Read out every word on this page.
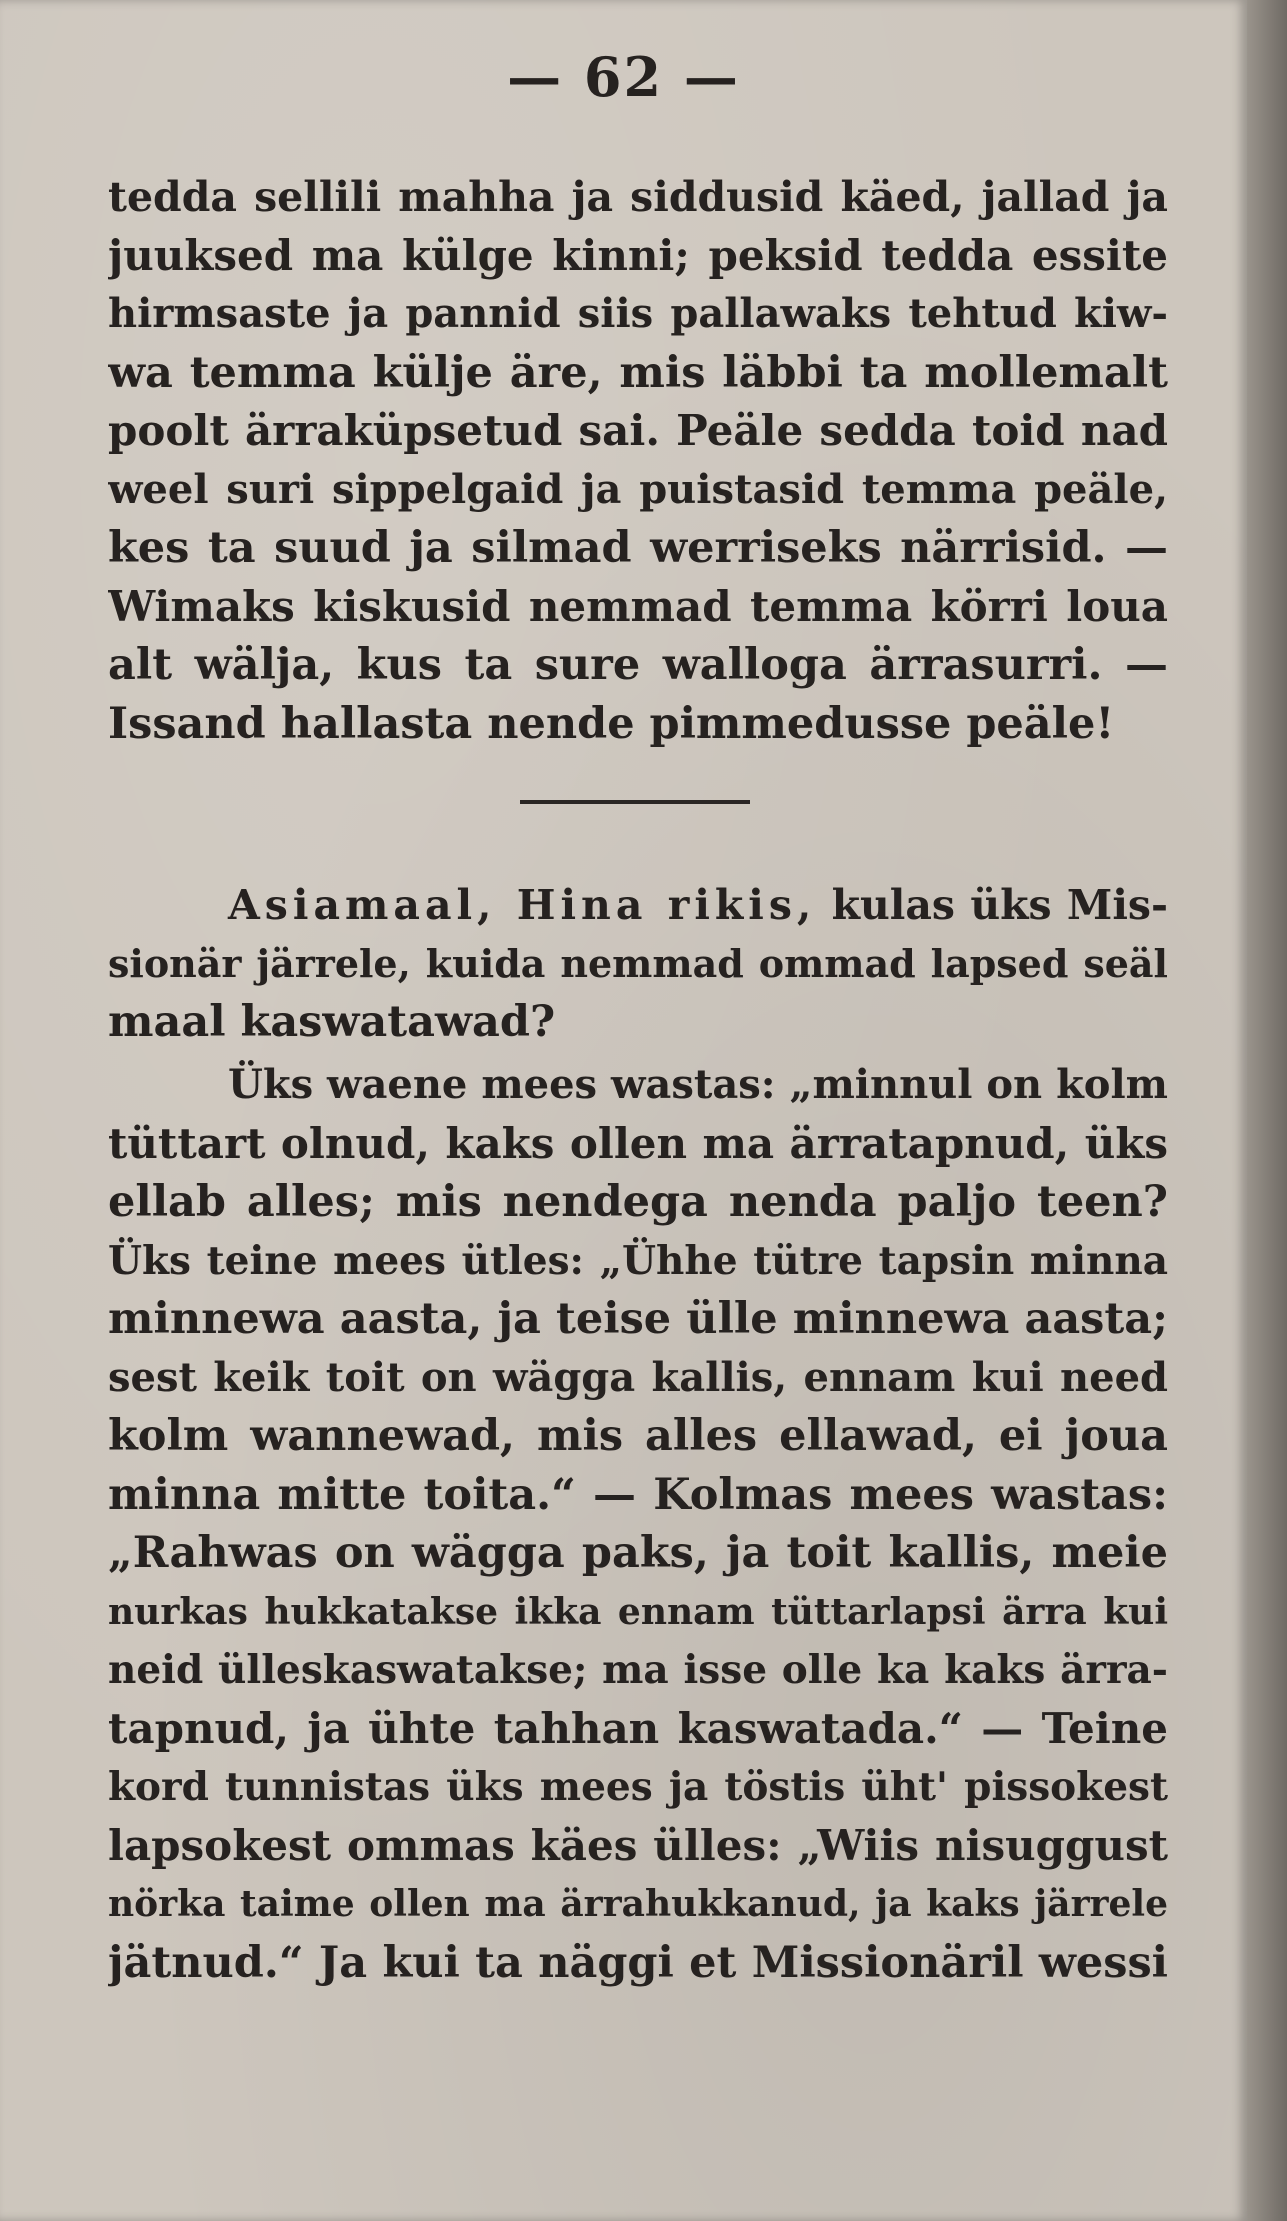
— 62 —
tedda sellili mahha ja siddusid käed, jallad ja
juuksed ma külge kinni; peksid tedda essite
hirmsaste ja pannid siis pallawaks tehtud kiw-
wa temma külje äre, mis läbbi ta mollemalt
poolt ärraküpsetud sai. Peäle sedda toid nad
weel suri sippelgaid ja puistasid temma peäle,
kes ta suud ja silmad werriseks närrisid. —
Wimaks kiskusid nemmad temma körri loua
alt wälja, kus ta sure walloga ärrasurri. —
Issand hallasta nende pimmedusse peäle!
Asiamaal, Hina rikis, kulas üks Mis-
sionär järrele, kuida nemmad ommad lapsed seäl
maal kaswatawad?
Üks waene mees wastas: „minnul on kolm
tüttart olnud, kaks ollen ma ärratapnud, üks
ellab alles; mis nendega nenda paljo teen?
Üks teine mees ütles: „Ühhe tütre tapsin minna
minnewa aasta, ja teise ülle minnewa aasta;
sest keik toit on wägga kallis, ennam kui need
kolm wannewad, mis alles ellawad, ei joua
minna mitte toita.“ — Kolmas mees wastas:
„Rahwas on wägga paks, ja toit kallis, meie
nurkas hukkatakse ikka ennam tüttarlapsi ärra kui
neid ülleskaswatakse; ma isse olle ka kaks ärra-
tapnud, ja ühte tahhan kaswatada.“ — Teine
kord tunnistas üks mees ja töstis üht' pissokest
lapsokest ommas käes ülles: „Wiis nisuggust
nörka taime ollen ma ärrahukkanud, ja kaks järrele
jätnud.“ Ja kui ta näggi et Missionäril wessi
